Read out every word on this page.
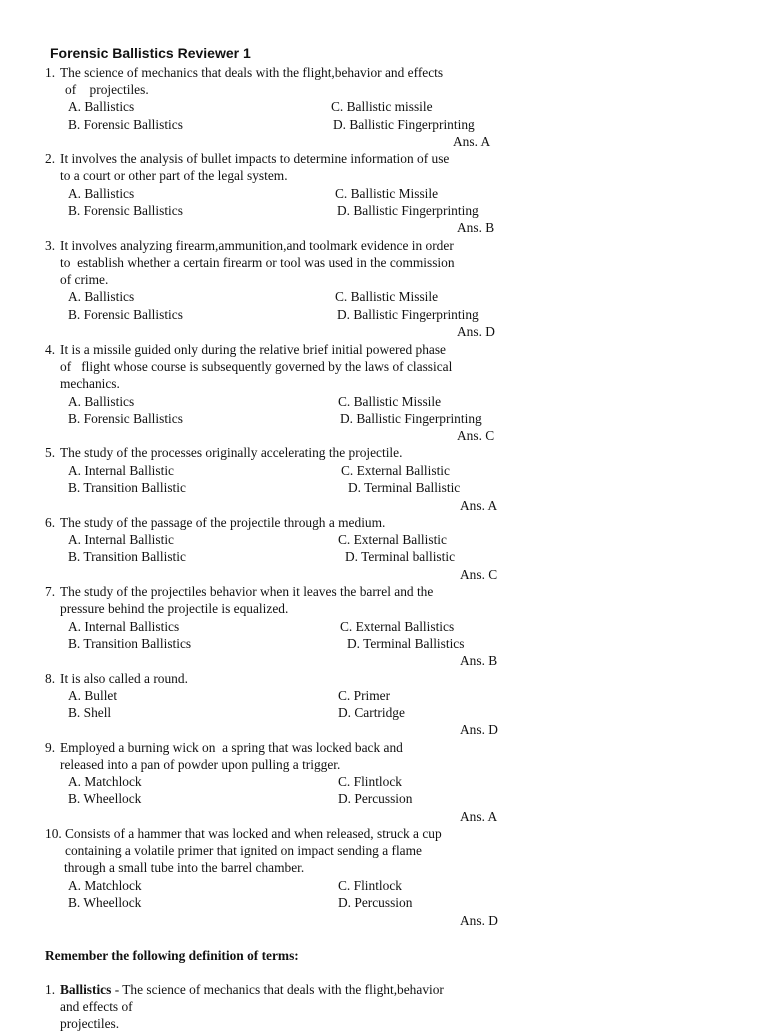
Forensic Ballistics Reviewer 1
1. The science of mechanics that deals with the flight,behavior and effects
of    projectiles.
A. Ballistics	C. Ballistic missile
B. Forensic Ballistics	D. Ballistic Fingerprinting
Ans. A
2. It involves the analysis of bullet impacts to determine information of use
to a court or other part of the legal system.
A. Ballistics	C. Ballistic Missile
B. Forensic Ballistics	D. Ballistic Fingerprinting
Ans. B
3. It involves analyzing firearm,ammunition,and toolmark evidence in order
to  establish whether a certain firearm or tool was used in the commission
of crime.
A. Ballistics	C. Ballistic Missile
B. Forensic Ballistics	D. Ballistic Fingerprinting
Ans. D
4. It is a missile guided only during the relative brief initial powered phase
of   flight whose course is subsequently governed by the laws of classical
mechanics.
A. Ballistics	C. Ballistic Missile
B. Forensic Ballistics	D. Ballistic Fingerprinting
Ans. C
5. The study of the processes originally accelerating the projectile.
A. Internal Ballistic	C. External Ballistic
B. Transition Ballistic	D. Terminal Ballistic
Ans. A
6. The study of the passage of the projectile through a medium.
A. Internal Ballistic	C. External Ballistic
B. Transition Ballistic	D. Terminal ballistic
Ans. C
7. The study of the projectiles behavior when it leaves the barrel and the
pressure behind the projectile is equalized.
A. Internal Ballistics	C. External Ballistics
B. Transition Ballistics	D. Terminal Ballistics
Ans. B
8. It is also called a round.
A. Bullet	C. Primer
B. Shell	D. Cartridge
Ans. D
9. Employed a burning wick on  a spring that was locked back and
released into a pan of powder upon pulling a trigger.
A. Matchlock	C. Flintlock
B. Wheellock	D. Percussion
Ans. A
10. Consists of a hammer that was locked and when released, struck a cup
containing a volatile primer that ignited on impact sending a flame
through a small tube into the barrel chamber.
A. Matchlock	C. Flintlock
B. Wheellock	D. Percussion
Ans. D
Remember the following definition of terms:
1. Ballistics - The science of mechanics that deals with the flight,behavior
and effects of
projectiles.
